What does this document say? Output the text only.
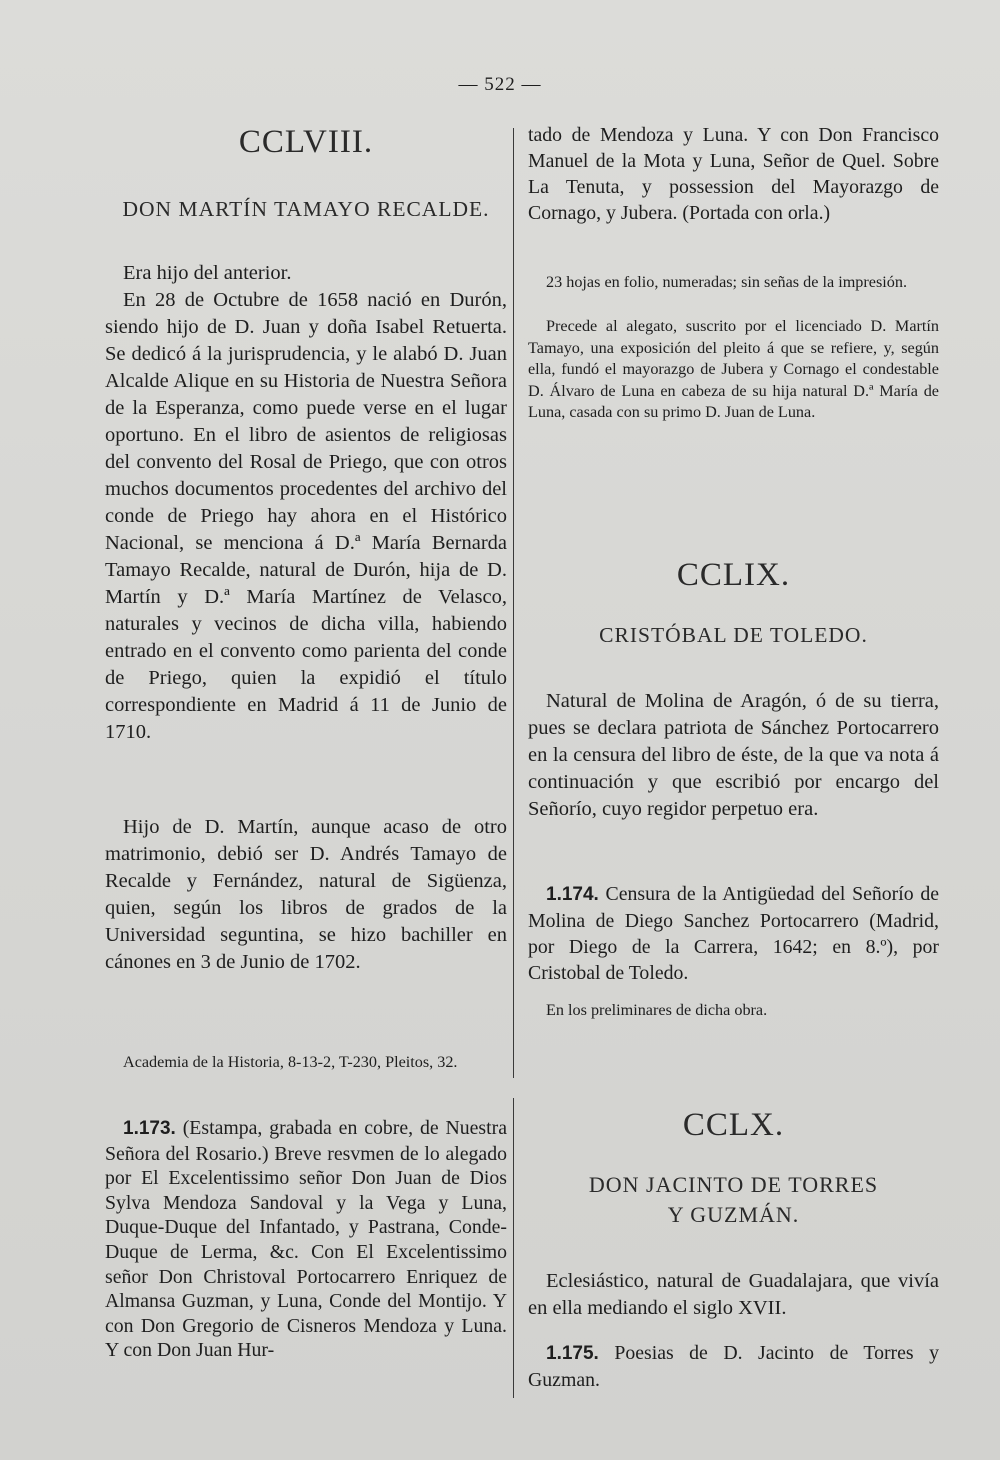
— 522 —
CCLVIII.
DON MARTÍN TAMAYO RECALDE.

Era hijo del anterior.

En 28 de Octubre de 1658 nació en Durón, siendo hijo de D. Juan y doña Isabel Retuerta. Se dedicó á la jurisprudencia, y le alabó D. Juan Alcalde Alique en su Historia de Nuestra Señora de la Esperanza, como puede verse en el lugar oportuno. En el libro de asientos de religiosas del convento del Rosal de Priego, que con otros muchos documentos procedentes del archivo del conde de Priego hay ahora en el Histórico Nacional, se menciona á D.ª María Bernarda Tamayo Recalde, natural de Durón, hija de D. Martín y D.ª María Martínez de Velasco, naturales y vecinos de dicha villa, habiendo entrado en el convento como parienta del conde de Priego, quien la expidió el título correspondiente en Madrid á 11 de Junio de 1710.

Hijo de D. Martín, aunque acaso de otro matrimonio, debió ser D. Andrés Tamayo de Recalde y Fernández, natural de Sigüenza, quien, según los libros de grados de la Universidad seguntina, se hizo bachiller en cánones en 3 de Junio de 1702.

Academia de la Historia, 8-13-2, T-230, Pleitos, 32.

1.173. (Estampa, grabada en cobre, de Nuestra Señora del Rosario.) Breve resvmen de lo alegado por El Excelentissimo señor Don Juan de Dios Sylva Mendoza Sandoval y la Vega y Luna, Duque-Duque del Infantado, y Pastrana, Conde-Duque de Lerma, &c. Con El Excelentissimo señor Don Christoval Portocarrero Enriquez de Almansa Guzman, y Luna, Conde del Montijo. Y con Don Gregorio de Cisneros Mendoza y Luna. Y con Don Juan Hur-

tado de Mendoza y Luna. Y con Don Francisco Manuel de la Mota y Luna, Señor de Quel. Sobre La Tenuta, y possession del Mayorazgo de Cornago, y Jubera. (Portada con orla.)

23 hojas en folio, numeradas; sin señas de la impresión.

Precede al alegato, suscrito por el licenciado D. Martín Tamayo, una exposición del pleito á que se refiere, y, según ella, fundó el mayorazgo de Jubera y Cornago el condestable D. Álvaro de Luna en cabeza de su hija natural D.ª María de Luna, casada con su primo D. Juan de Luna.

CCLIX.
CRISTÓBAL DE TOLEDO.

Natural de Molina de Aragón, ó de su tierra, pues se declara patriota de Sánchez Portocarrero en la censura del libro de éste, de la que va nota á continuación y que escribió por encargo del Señorío, cuyo regidor perpetuo era.

1.174. Censura de la Antigüedad del Señorío de Molina de Diego Sanchez Portocarrero (Madrid, por Diego de la Carrera, 1642; en 8.º), por Cristobal de Toledo.

En los preliminares de dicha obra.

CCLX.
DON JACINTO DE TORRES
Y GUZMÁN.

Eclesiástico, natural de Guadalajara, que vivía en ella mediando el siglo XVII.

1.175. Poesias de D. Jacinto de Torres y Guzman.
